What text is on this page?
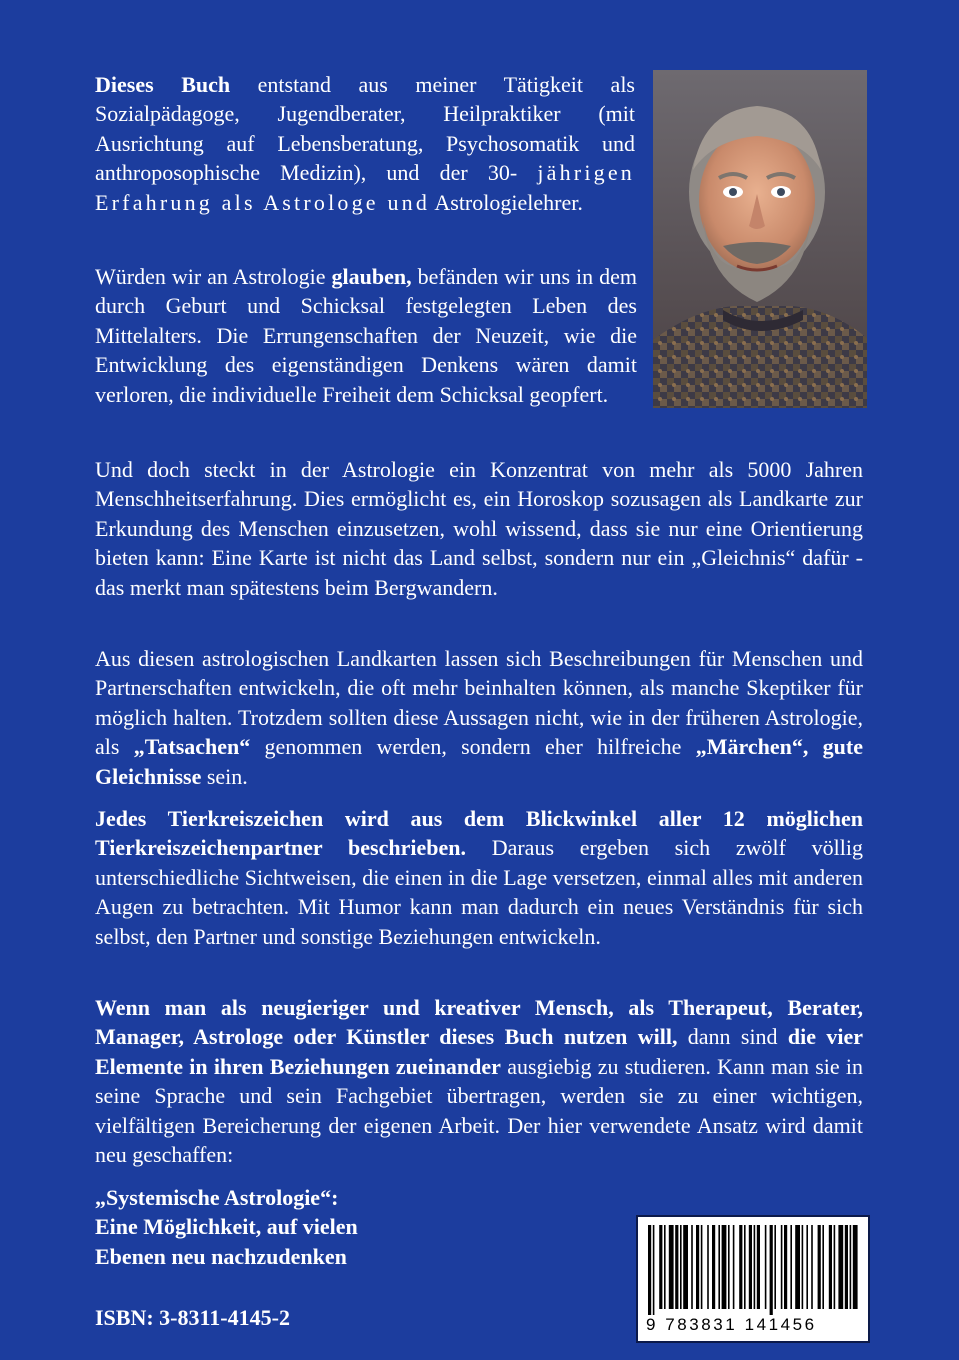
Dieses Buch entstand aus meiner Tätigkeit als Sozialpädagoge, Jugendberater, Heilpraktiker (mit Ausrichtung auf Lebensberatung, Psychosomatik und anthroposophische Medizin), und der 30- jährigen Erfahrung als Astrologe und Astrologielehrer.

Würden wir an Astrologie glauben, befänden wir uns in dem durch Geburt und Schicksal festgelegten Leben des Mittelalters. Die Errungenschaften der Neuzeit, wie die Entwicklung des eigenständigen Denkens wären damit verloren, die individuelle Freiheit dem Schicksal geopfert.

Und doch steckt in der Astrologie ein Konzentrat von mehr als 5000 Jahren Menschheitserfahrung. Dies ermöglicht es, ein Horoskop sozusagen als Landkarte zur Erkundung des Menschen einzusetzen, wohl wissend, dass sie nur eine Orientierung bieten kann: Eine Karte ist nicht das Land selbst, sondern nur ein „Gleichnis“ dafür - das merkt man spätestens beim Bergwandern.

Aus diesen astrologischen Landkarten lassen sich Beschreibungen für Menschen und Partnerschaften entwickeln, die oft mehr beinhalten können, als manche Skeptiker für möglich halten. Trotzdem sollten diese Aussagen nicht, wie in der früheren Astrologie, als „Tatsachen“ genommen werden, sondern eher hilfreiche „Märchen“, gute Gleichnisse sein.

Jedes Tierkreiszeichen wird aus dem Blickwinkel aller 12 möglichen Tierkreiszeichenpartner beschrieben. Daraus ergeben sich zwölf völlig unterschiedliche Sichtweisen, die einen in die Lage versetzen, einmal alles mit anderen Augen zu betrachten. Mit Humor kann man dadurch ein neues Verständnis für sich selbst, den Partner und sonstige Beziehungen entwickeln.

Wenn man als neugieriger und kreativer Mensch, als Therapeut, Berater, Manager, Astrologe oder Künstler dieses Buch nutzen will, dann sind die vier Elemente in ihren Beziehungen zueinander ausgiebig zu studieren. Kann man sie in seine Sprache und sein Fachgebiet übertragen, werden sie zu einer wichtigen, vielfältigen Bereicherung der eigenen Arbeit. Der hier verwendete Ansatz wird damit neu geschaffen:

„Systemische Astrologie“:
Eine Möglichkeit, auf vielen
Ebenen neu nachzudenken
ISBN: 3-8311-4145-2	9 783831 141456
